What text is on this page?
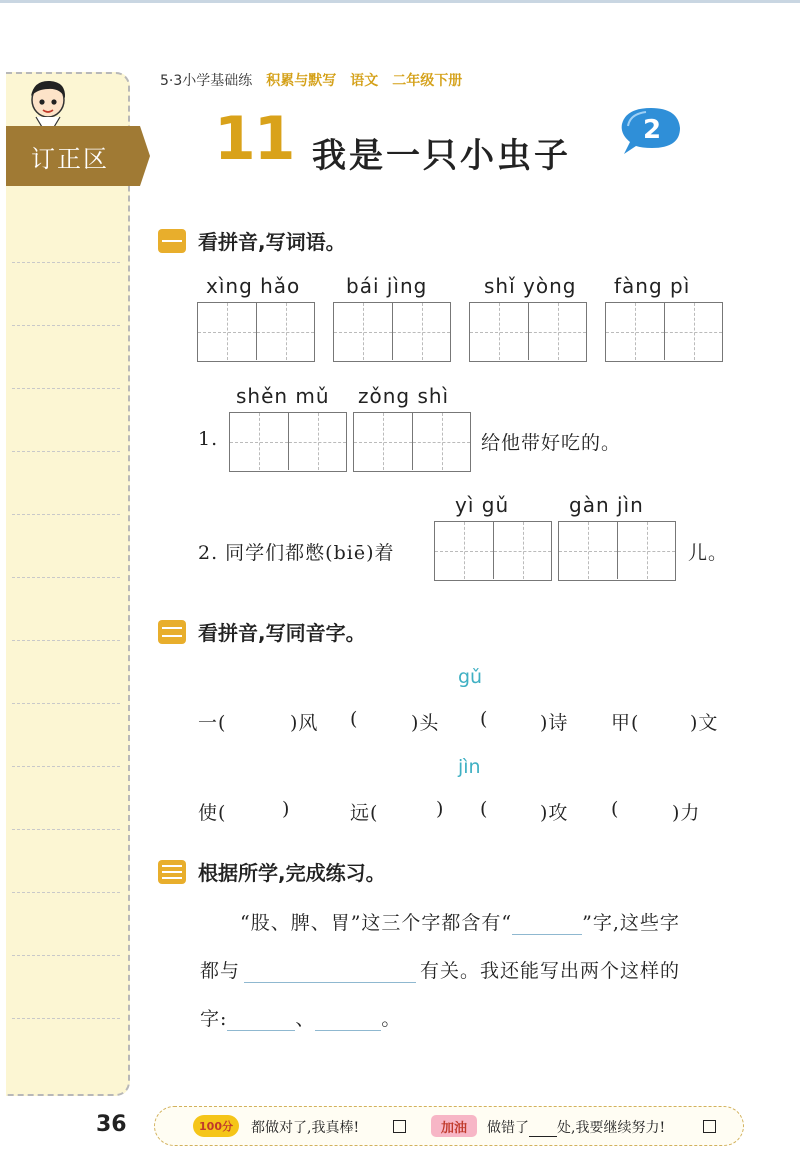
订正区
5·3小学基础练 积累与默写 语文 二年级下册
11 我是一只小虫子
2
看拼音,写词语。
xìng hǎo bái jìng	shǐ yòng fàng pì
shěn mǔ zǒng shì
1.	给他带好吃的。
yì gǔ	gàn jìn
2. 同学们都憋(biē)着	儿。
看拼音,写同音字。
gǔ
一(	)风 (	)头 (	)诗 甲(	)文
jìn
使(	)	远(	) (	)攻 (	)力
根据所学,完成练习。
“股、脾、胃”这三个字都含有“	”字,这些字
都与	有关。我还能写出两个这样的
字:	、	。
36	100分	都做对了,我真棒!	加油	做错了 处,我要继续努力!
